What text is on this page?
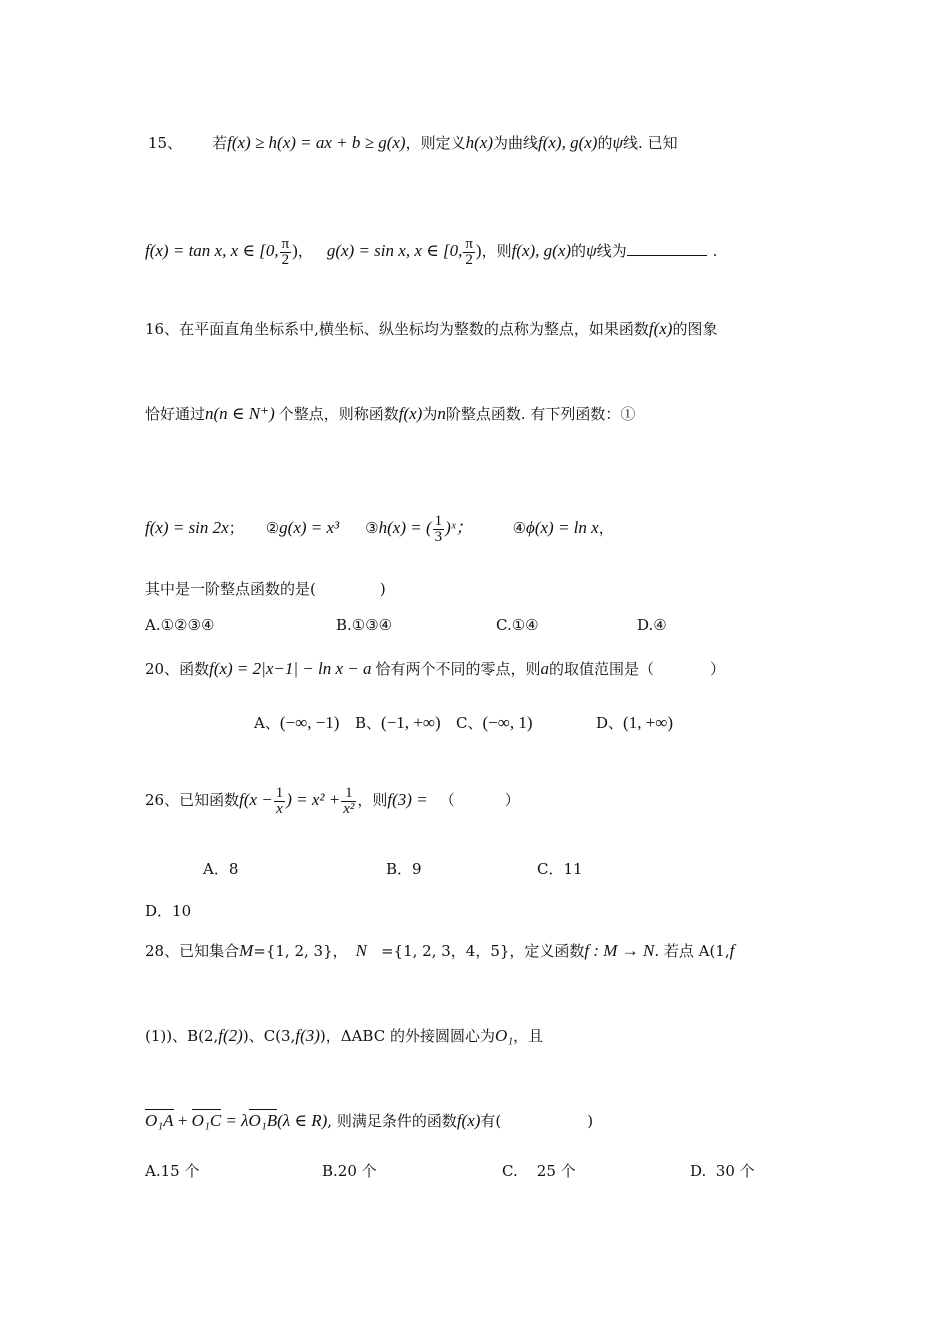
15、 若f(x) ≥ h(x) = ax + b ≥ g(x)，则定义h(x)为曲线f(x), g(x)的ψ线. 已知
f(x) = tan x, x ∈ [0, $\frac{\pi}{2}$ )， g(x) = sin x, x ∈ [0, $\frac{\pi}{2}$ )，则f(x), g(x)的ψ线为	.
16、在平面直角坐标系中,横坐标、纵坐标均为整数的点称为整点，如果函数f(x)的图象
恰好通过n(n ∈ N⁺) 个整点，则称函数f(x)为n阶整点函数. 有下列函数：①
f(x) = sin 2x； ②g(x) = x³ ③h(x) = ( $\frac{1}{3}$ )ˣ；	④ϕ(x) = ln x，
其中是一阶整点函数的是(	)
A.①②③④	B.①③④	C.①④	D.④
20、函数f(x) = 2|x−1| − ln x − a 恰有两个不同的零点，则a的取值范围是（	）
A、(−∞, −1) B、(−1, +∞) C、(−∞, 1)	D、(1, +∞)
26、已知函数$f(x - \frac{1}{x}$ ) = $x^2 + \frac{1}{\text{x²}}$ ，则f(3) = （	）
A．8	B．9	C．11
D．10
28、已知集合M={1, 2, 3}， N ={1, 2, 3，4，5}，定义函数f : M → N. 若点 A(1,f
(1))、B(2,f(2))、C(3,f(3))，ΔABC 的外接圆圆心为O₁，且
O₁A + O₁C = λO₁B(λ ∈ R), 则满足条件的函数f(x)有(	)
A.15 个	B.20 个	C.    25 个	D.  30 个
